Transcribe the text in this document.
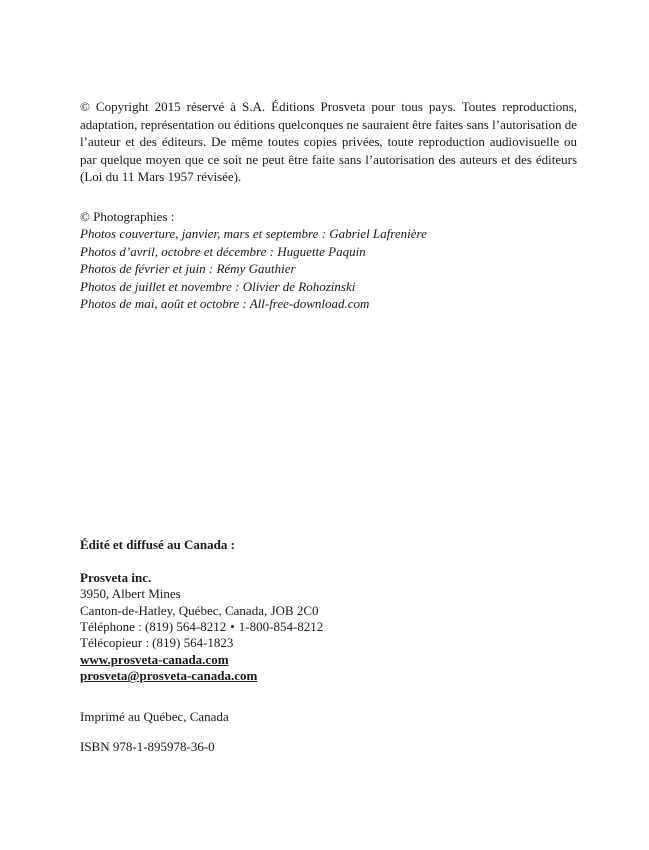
© Copyright 2015 réservé à S.A. Éditions Prosveta pour tous pays. Toutes reproductions, adaptation, représentation ou éditions quelconques ne sauraient être faites sans l’autorisation de l’auteur et des éditeurs. De même toutes copies privées, toute reproduction audiovisuelle ou par quelque moyen que ce soit ne peut être faite sans l’autorisation des auteurs et des éditeurs (Loi du 11 Mars 1957 révisée).

© Photographies :
Photos couverture, janvier, mars et septembre : Gabriel Lafrenière
Photos d’avril, octobre et décembre : Huguette Paquin
Photos de février et juin : Rémy Gauthier
Photos de juillet et novembre : Olivier de Rohozinski
Photos de mai, août et octobre : All-free-download.com
Édité et diffusé au Canada :
Prosveta inc.
3950, Albert Mines
Canton-de-Hatley, Québec, Canada, JOB 2C0
Téléphone : (819) 564-8212 • 1-800-854-8212
Télécopieur : (819) 564-1823
www.prosveta-canada.com
prosveta@prosveta-canada.com

Imprimé au Québec, Canada

ISBN 978-1-895978-36-0
